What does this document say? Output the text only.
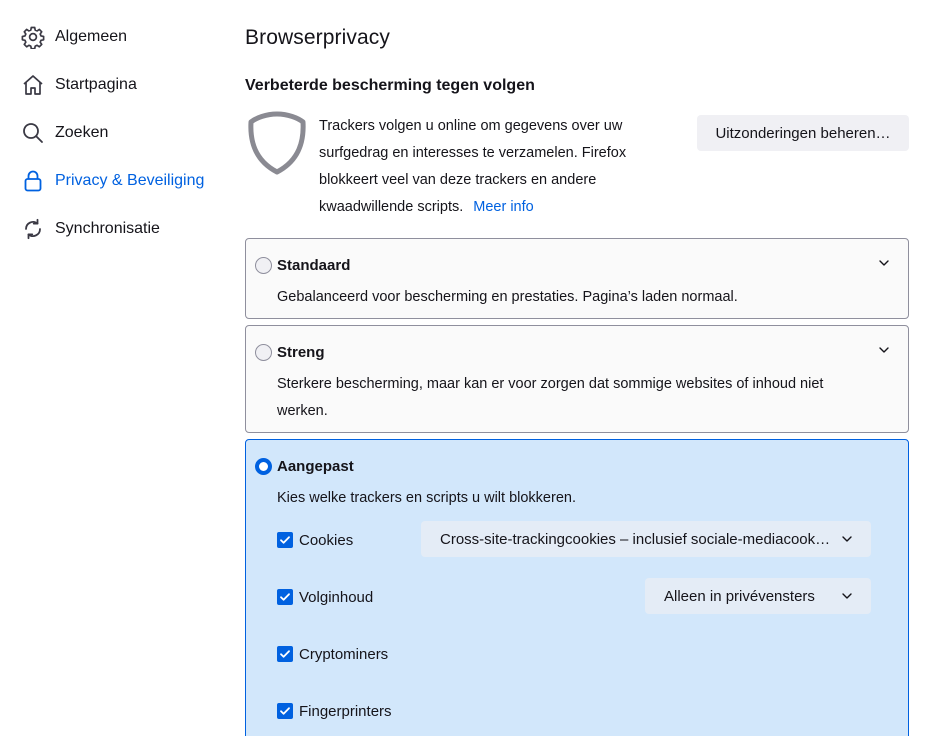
Algemeen
Startpagina
Zoeken
Privacy & Beveiliging
Synchronisatie
Browserprivacy
Verbeterde bescherming tegen volgen

Trackers volgen u online om gegevens over uw surfgedrag en interesses te verzamelen. Firefox blokkeert veel van deze trackers en andere kwaadwillende scripts. Meer info

Uitzonderingen beheren…
Standaard

Gebalanceerd voor bescherming en prestaties. Pagina’s laden normaal.

Streng

Sterkere bescherming, maar kan er voor zorgen dat sommige websites of inhoud niet werken.

Aangepast

Kies welke trackers en scripts u wilt blokkeren.

Cookies	Cross-site-trackingcookies – inclusief sociale-mediacook…
Volginhoud	Alleen in privévensters
Cryptominers
Fingerprinters
